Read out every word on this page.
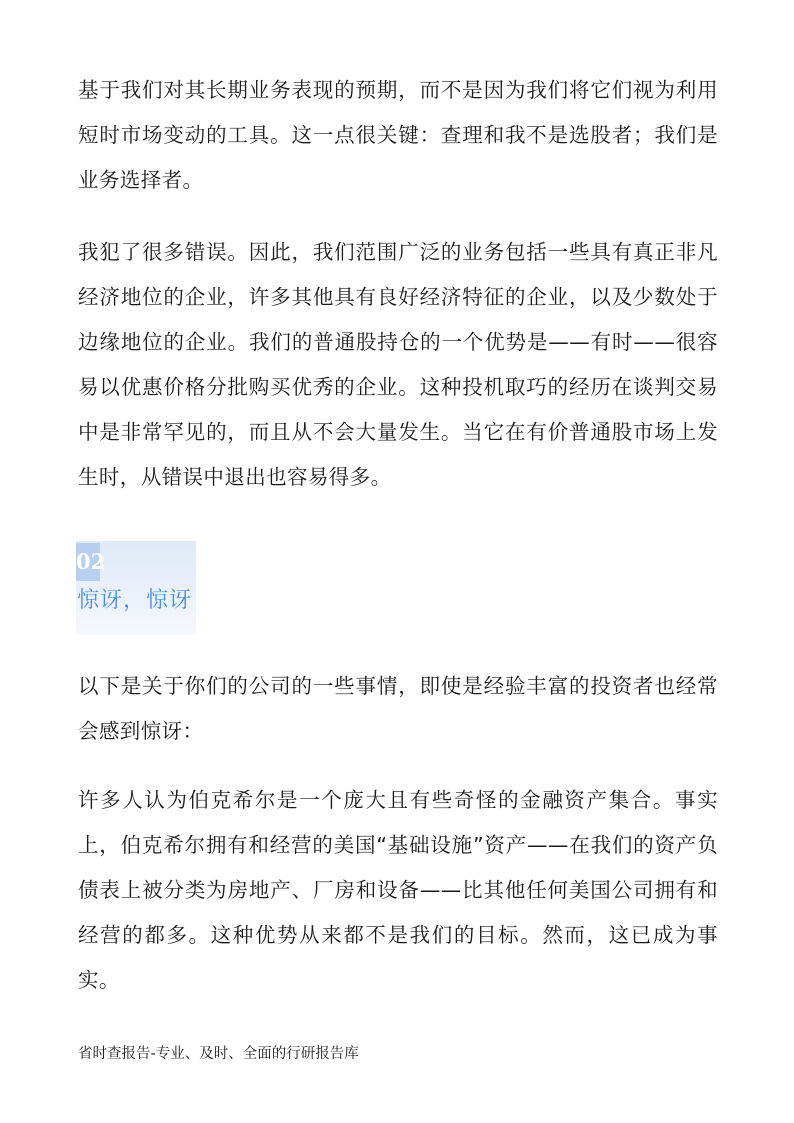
基于我们对其长期业务表现的预期，而不是因为我们将它们视为利用短时市场变动的工具。这一点很关键：查理和我不是选股者；我们是业务选择者。

我犯了很多错误。因此，我们范围广泛的业务包括一些具有真正非凡经济地位的企业，许多其他具有良好经济特征的企业，以及少数处于边缘地位的企业。我们的普通股持仓的一个优势是——有时——很容易以优惠价格分批购买优秀的企业。这种投机取巧的经历在谈判交易中是非常罕见的，而且从不会大量发生。当它在有价普通股市场上发生时，从错误中退出也容易得多。

02
惊讶，惊讶

以下是关于你们的公司的一些事情，即使是经验丰富的投资者也经常会感到惊讶：

许多人认为伯克希尔是一个庞大且有些奇怪的金融资产集合。事实上，伯克希尔拥有和经营的美国“基础设施”资产——在我们的资产负债表上被分类为房地产、厂房和设备——比其他任何美国公司拥有和经营的都多。这种优势从来都不是我们的目标。然而，这已成为事实。

省时查报告-专业、及时、全面的行研报告库
